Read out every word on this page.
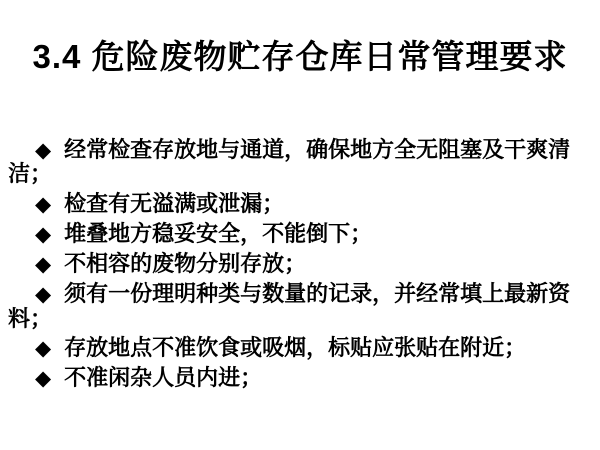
3.4 危险废物贮存仓库日常管理要求

◆ 经常检查存放地与通道，确保地方全无阻塞及干爽清洁；

◆ 检查有无溢满或泄漏；

◆ 堆叠地方稳妥安全，不能倒下；

◆ 不相容的废物分别存放；

◆ 须有一份理明种类与数量的记录，并经常填上最新资料；

◆ 存放地点不准饮食或吸烟，标贴应张贴在附近；

◆ 不准闲杂人员内进；
